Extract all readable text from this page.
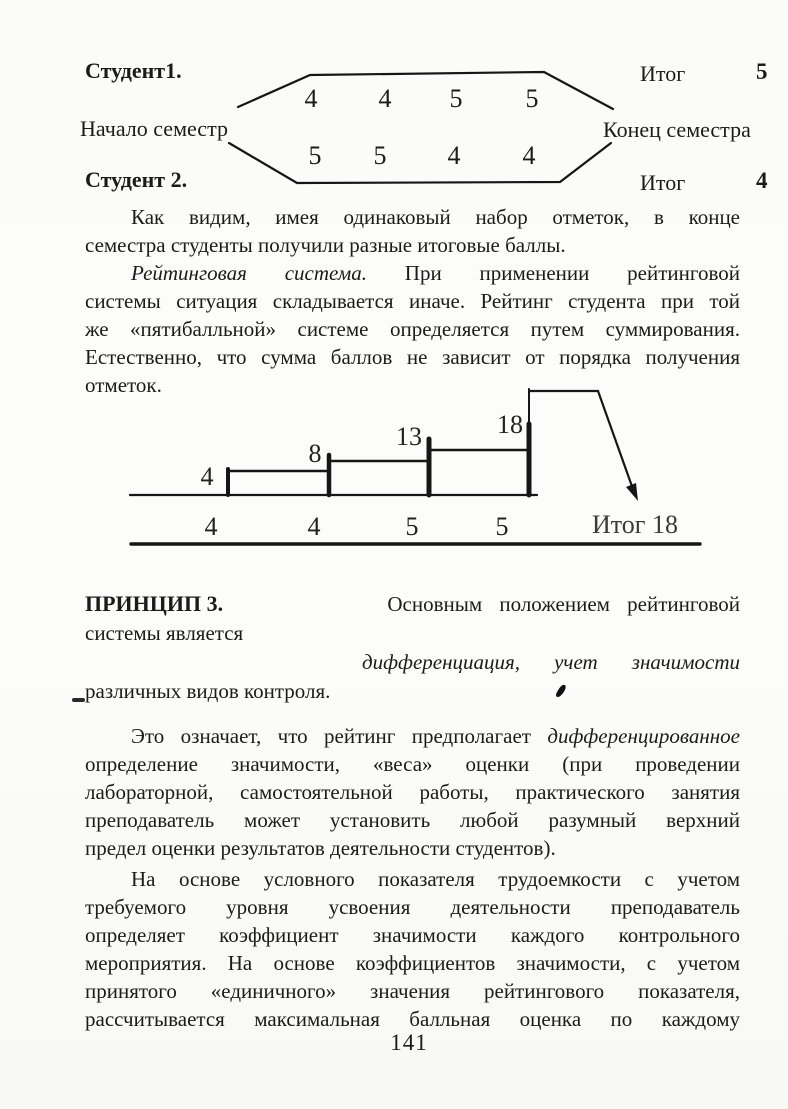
Студент1.	Итог	5
4 4 5 5
Начало семестр	Конец семестра
5 5 4 4
Студент 2.	Итог	4
Как видим, имея одинаковый набор отметок, в конце
семестра студенты получили разные итоговые баллы.
Рейтинговая система. При применении рейтинговой
системы ситуация складывается иначе. Рейтинг студента при той
же «пятибалльной» системе определяется путем суммирования.
Естественно, что сумма баллов не зависит от порядка получения
отметок.
4
8
13	18
4	4	5	5	Итог 18
ПРИНЦИП 3.	Основным положением рейтинговой
системы является
дифференциация, учет значимости
различных видов контроля.
Это означает, что рейтинг предполагает дифференцированное
определение значимости, «веса» оценки (при проведении
лабораторной, самостоятельной работы, практического занятия
преподаватель может установить любой разумный верхний
предел оценки результатов деятельности студентов).
На основе условного показателя трудоемкости с учетом
требуемого уровня усвоения деятельности преподаватель
определяет коэффициент значимости каждого контрольного
мероприятия. На основе коэффициентов значимости, с учетом
принятого «единичного» значения рейтингового показателя,
рассчитывается максимальная балльная оценка по каждому
141
